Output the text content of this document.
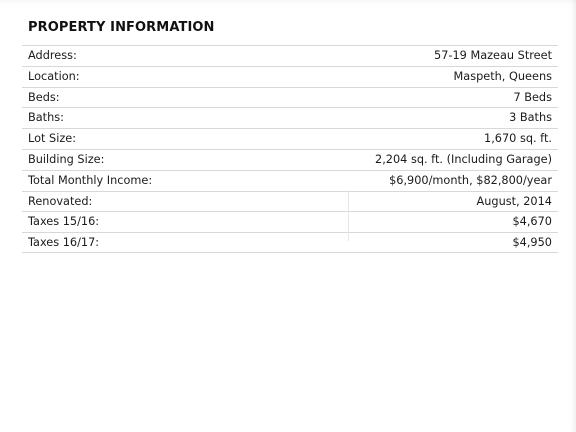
PROPERTY INFORMATION
Address:	57-19 Mazeau Street
Location:	Maspeth, Queens
Beds:	7 Beds
Baths:	3 Baths
Lot Size:	1,670 sq. ft.
Building Size:	2,204 sq. ft. (Including Garage)
Total Monthly Income:	$6,900/month, $82,800/year
Renovated:	August, 2014
Taxes 15/16:	$4,670
Taxes 16/17:	$4,950
